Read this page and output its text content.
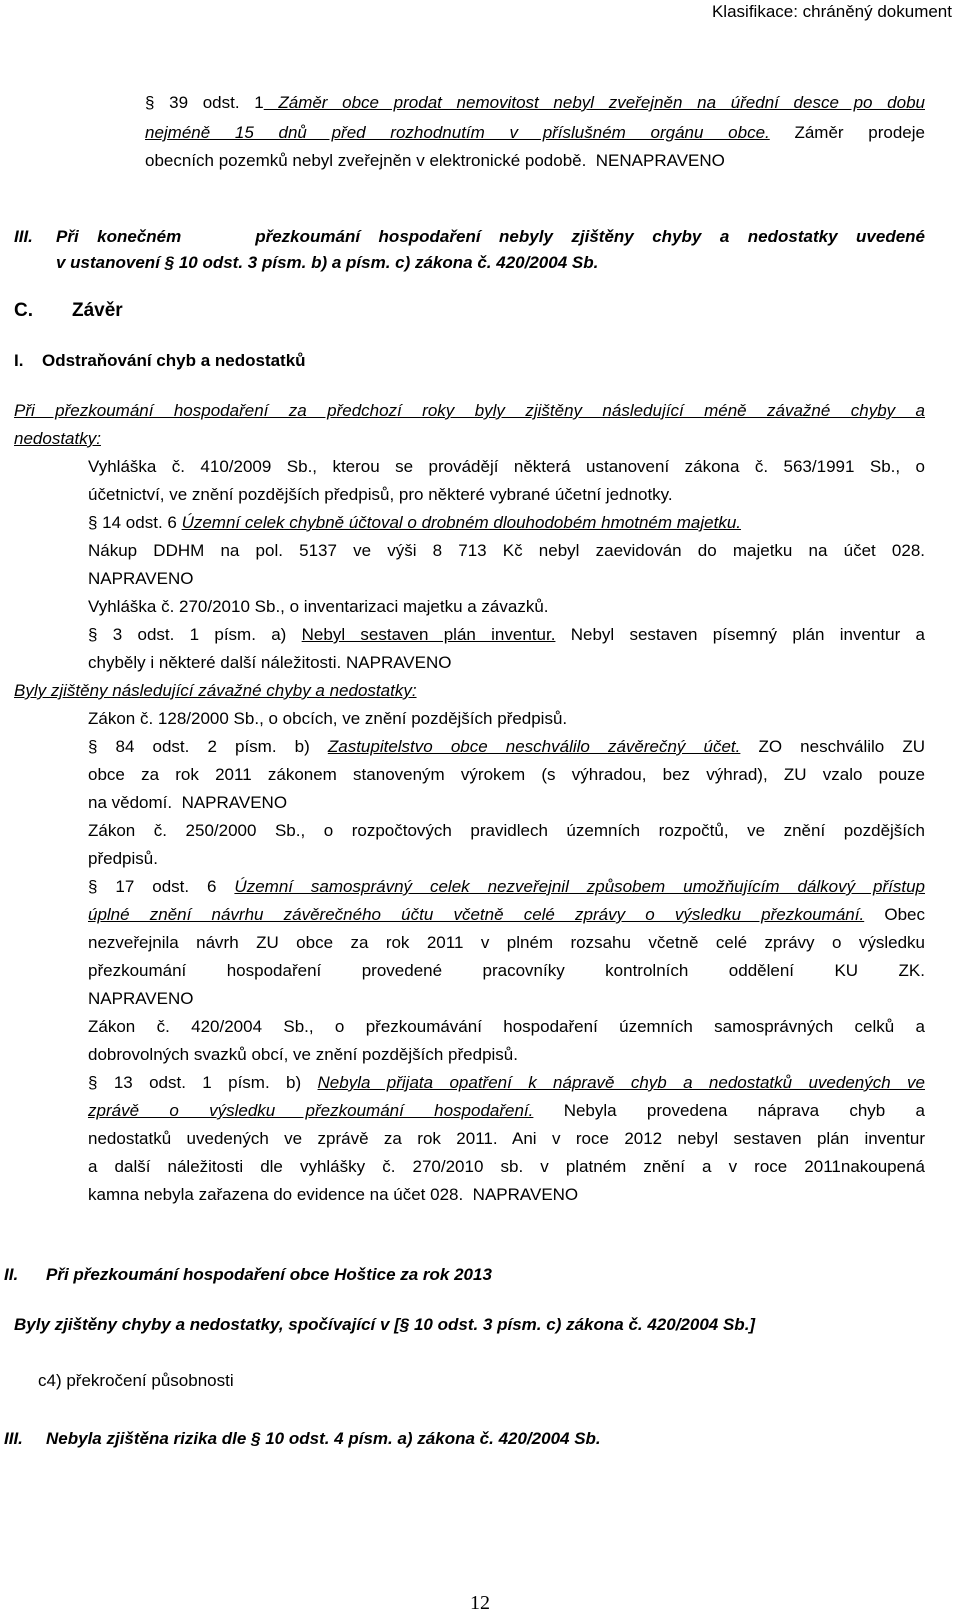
Klasifikace: chráněný dokument
§ 39 odst. 1 Záměr obce prodat nemovitost nebyl zveřejněn na úřední desce po dobu
nejméně 15 dnů před rozhodnutím v příslušném orgánu obce. Záměr prodeje
obecních pozemků nebyl zveřejněn v elektronické podobě. NENAPRAVENO
III. Při konečném    přezkoumání hospodaření nebyly zjištěny chyby a nedostatky uvedené
v ustanovení § 10 odst. 3 písm. b) a písm. c) zákona č. 420/2004 Sb.
C. Závěr
I. Odstraňování chyb a nedostatků
Při přezkoumání hospodaření za předchozí roky byly zjištěny následující méně závažné chyby a
nedostatky:
Vyhláška č. 410/2009 Sb., kterou se provádějí některá ustanovení zákona č. 563/1991 Sb., o
účetnictví, ve znění pozdějších předpisů, pro některé vybrané účetní jednotky.
§ 14 odst. 6 Územní celek chybně účtoval o drobném dlouhodobém hmotném majetku.
Nákup DDHM na pol. 5137 ve výši 8 713 Kč nebyl zaevidován do majetku na účet 028.
NAPRAVENO
Vyhláška č. 270/2010 Sb., o inventarizaci majetku a závazků.
§ 3 odst. 1 písm. a) Nebyl sestaven plán inventur. Nebyl sestaven písemný plán inventur a
chyběly i některé další náležitosti. NAPRAVENO
Byly zjištěny následující závažné chyby a nedostatky:
Zákon č. 128/2000 Sb., o obcích, ve znění pozdějších předpisů.
§ 84 odst. 2 písm. b) Zastupitelstvo obce neschválilo závěrečný účet. ZO neschválilo ZU
obce za rok 2011 zákonem stanoveným výrokem (s výhradou, bez výhrad), ZU vzalo pouze
na vědomí. NAPRAVENO
Zákon č. 250/2000 Sb., o rozpočtových pravidlech územních rozpočtů, ve znění pozdějších
předpisů.
§ 17 odst. 6 Územní samosprávný celek nezveřejnil způsobem umožňujícím dálkový přístup
úplné znění návrhu závěrečného účtu včetně celé zprávy o výsledku přezkoumání. Obec
nezveřejnila návrh ZU obce za rok 2011 v plném rozsahu včetně celé zprávy o výsledku
přezkoumání hospodaření provedené pracovníky kontrolních oddělení KU ZK.
NAPRAVENO
Zákon č. 420/2004 Sb., o přezkoumávání hospodaření územních samosprávných celků a
dobrovolných svazků obcí, ve znění pozdějších předpisů.
§ 13 odst. 1 písm. b) Nebyla přijata opatření k nápravě chyb a nedostatků uvedených ve
zprávě o výsledku přezkoumání hospodaření. Nebyla provedena náprava chyb a
nedostatků uvedených ve zprávě za rok 2011. Ani v roce 2012 nebyl sestaven plán inventur
a další náležitosti dle vyhlášky č. 270/2010 sb. v platném znění a v roce 2011nakoupená
kamna nebyla zařazena do evidence na účet 028. NAPRAVENO
II. Při přezkoumání hospodaření obce Hoštice za rok 2013
Byly zjištěny chyby a nedostatky, spočívající v [§ 10 odst. 3 písm. c) zákona č. 420/2004 Sb.]
c4) překročení působnosti
III. Nebyla zjištěna rizika dle § 10 odst. 4 písm. a) zákona č. 420/2004 Sb.
12
